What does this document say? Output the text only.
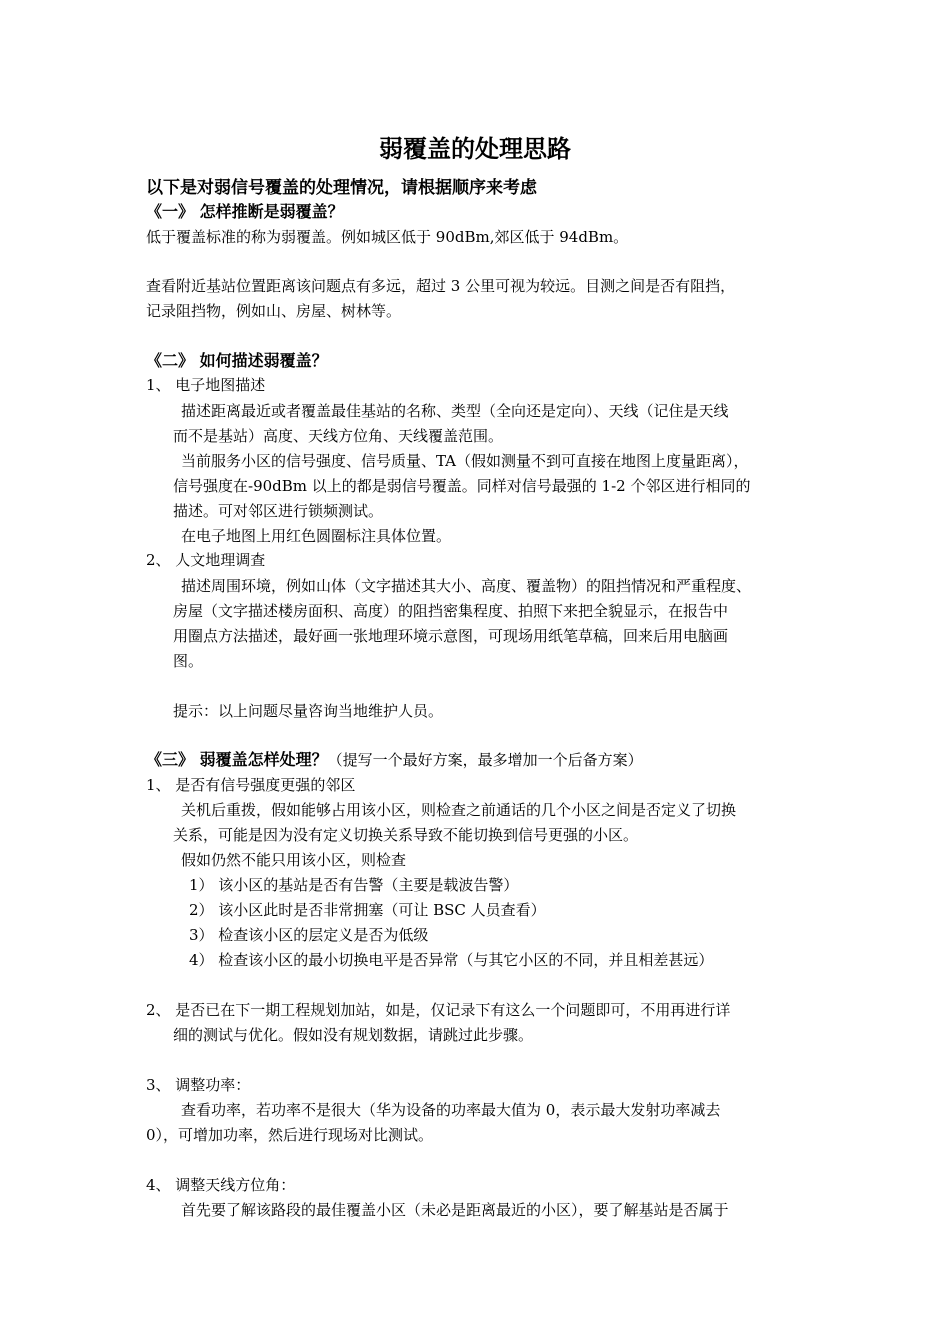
弱覆盖的处理思路
以下是对弱信号覆盖的处理情况，请根据顺序来考虑
《一》 怎样推断是弱覆盖？
低于覆盖标准的称为弱覆盖。例如城区低于 90dBm,郊区低于 94dBm。
查看附近基站位置距离该问题点有多远，超过 3 公里可视为较远。目测之间是否有阻挡，
记录阻挡物，例如山、房屋、树林等。
《二》 如何描述弱覆盖？
1、 电子地图描述
描述距离最近或者覆盖最佳基站的名称、类型（全向还是定向）、天线（记住是天线
而不是基站）高度、天线方位角、天线覆盖范围。
当前服务小区的信号强度、信号质量、TA（假如测量不到可直接在地图上度量距离），
信号强度在-90dBm 以上的都是弱信号覆盖。同样对信号最强的 1-2 个邻区进行相同的
描述。可对邻区进行锁频测试。
在电子地图上用红色圆圈标注具体位置。
2、 人文地理调查
描述周围环境，例如山体（文字描述其大小、高度、覆盖物）的阻挡情况和严重程度、
房屋（文字描述楼房面积、高度）的阻挡密集程度、拍照下来把全貌显示，在报告中
用圈点方法描述，最好画一张地理环境示意图，可现场用纸笔草稿，回来后用电脑画
图。
提示：以上问题尽量咨询当地维护人员。
《三》 弱覆盖怎样处理？（提写一个最好方案，最多增加一个后备方案）
1、 是否有信号强度更强的邻区
关机后重拨，假如能够占用该小区，则检查之前通话的几个小区之间是否定义了切换
关系，可能是因为没有定义切换关系导致不能切换到信号更强的小区。
假如仍然不能只用该小区，则检查
1） 该小区的基站是否有告警（主要是载波告警）
2） 该小区此时是否非常拥塞（可让 BSC 人员查看）
3） 检查该小区的层定义是否为低级
4） 检查该小区的最小切换电平是否异常（与其它小区的不同，并且相差甚远）
2、 是否已在下一期工程规划加站，如是，仅记录下有这么一个问题即可，不用再进行详
细的测试与优化。假如没有规划数据，请跳过此步骤。
3、 调整功率：
查看功率，若功率不是很大（华为设备的功率最大值为 0，表示最大发射功率减去
0），可增加功率，然后进行现场对比测试。
4、 调整天线方位角：
首先要了解该路段的最佳覆盖小区（未必是距离最近的小区），要了解基站是否属于
